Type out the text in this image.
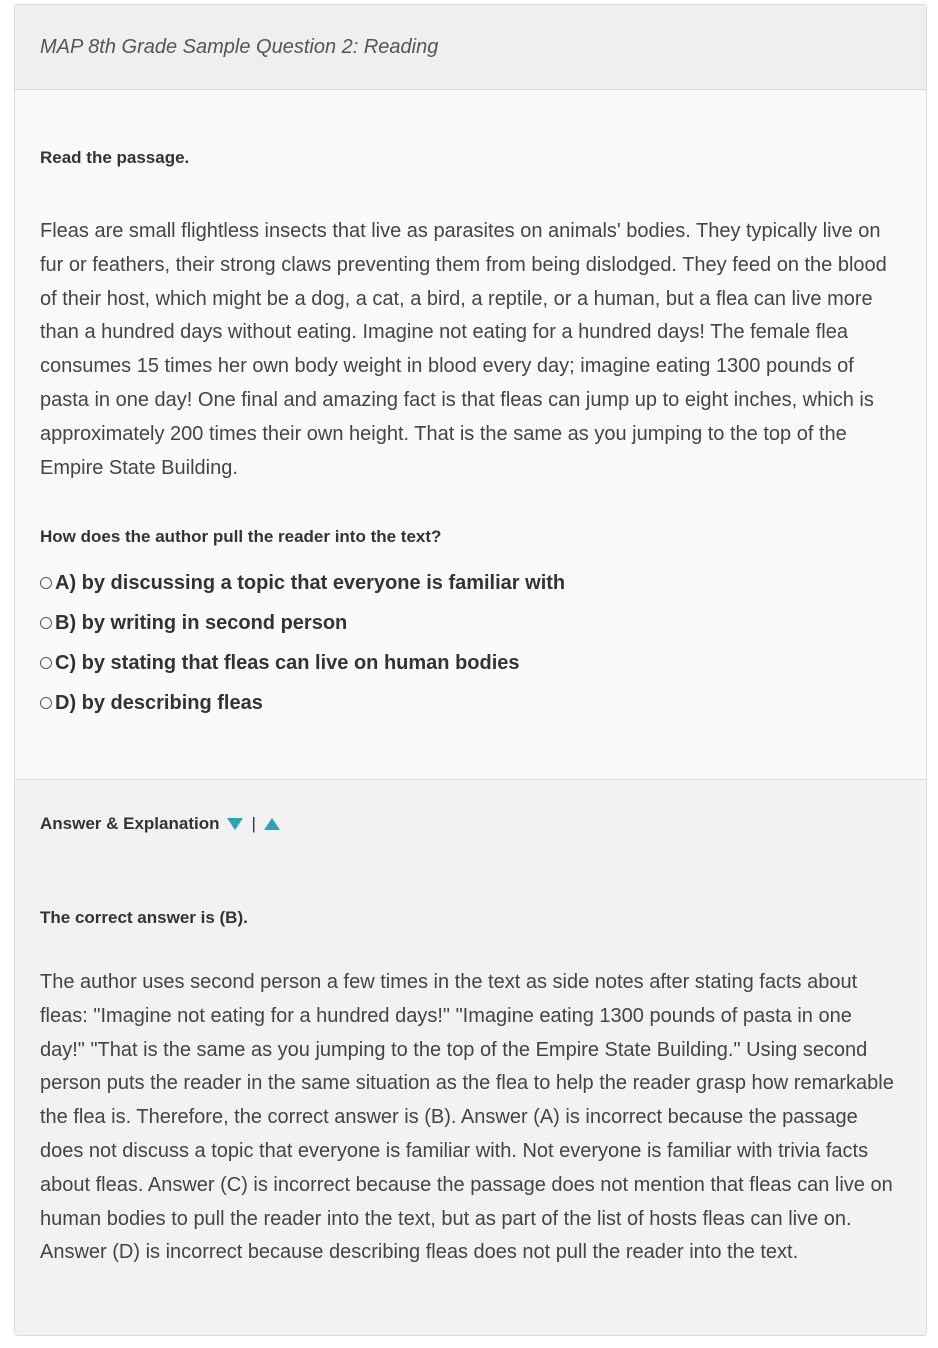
MAP 8th Grade Sample Question 2: Reading

Read the passage.

Fleas are small flightless insects that live as parasites on animals' bodies. They typically live on fur or feathers, their strong claws preventing them from being dislodged. They feed on the blood of their host, which might be a dog, a cat, a bird, a reptile, or a human, but a flea can live more than a hundred days without eating. Imagine not eating for a hundred days! The female flea consumes 15 times her own body weight in blood every day; imagine eating 1300 pounds of pasta in one day! One final and amazing fact is that fleas can jump up to eight inches, which is approximately 200 times their own height. That is the same as you jumping to the top of the Empire State Building.

How does the author pull the reader into the text?

A) by discussing a topic that everyone is familiar with
B) by writing in second person
C) by stating that fleas can live on human bodies
D) by describing fleas
Answer & Explanation |

The correct answer is (B).

The author uses second person a few times in the text as side notes after stating facts about fleas: "Imagine not eating for a hundred days!" "Imagine eating 1300 pounds of pasta in one day!" "That is the same as you jumping to the top of the Empire State Building." Using second person puts the reader in the same situation as the flea to help the reader grasp how remarkable the flea is. Therefore, the correct answer is (B). Answer (A) is incorrect because the passage does not discuss a topic that everyone is familiar with. Not everyone is familiar with trivia facts about fleas. Answer (C) is incorrect because the passage does not mention that fleas can live on human bodies to pull the reader into the text, but as part of the list of hosts fleas can live on. Answer (D) is incorrect because describing fleas does not pull the reader into the text.
